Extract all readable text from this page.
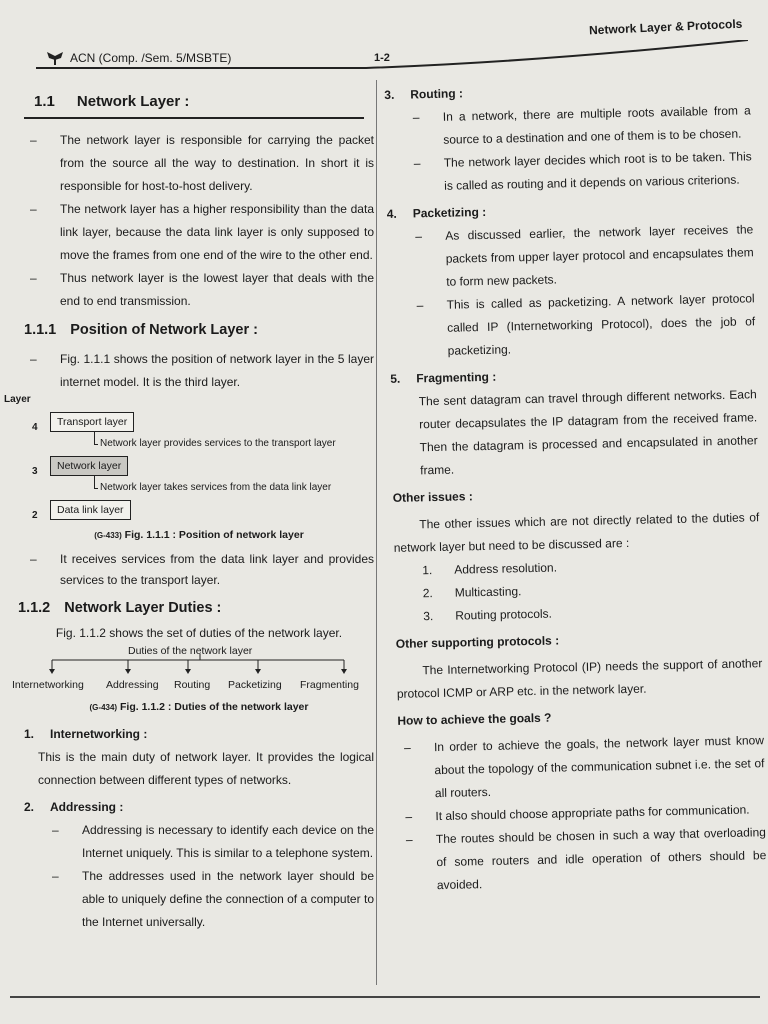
Network Layer & Protocols
ACN (Comp. /Sem. 5/MSBTE)	1-2
1.1 Network Layer :
–	The network layer is responsible for carrying the packet from the source all the way to destination. In short it is responsible for host-to-host delivery.
–	The network layer has a higher responsibility than the data link layer, because the data link layer is only supposed to move the frames from one end of the wire to the other end.
–	Thus network layer is the lowest layer that deals with the end to end transmission.
1.1.1 Position of Network Layer :
–	Fig. 1.1.1 shows the position of network layer in the 5 layer internet model. It is the third layer.
Layer
4	Transport layer
Network layer provides services to the transport layer
3	Network layer
Network layer takes services from the data link layer
2	Data link layer
(G-433) Fig. 1.1.1 : Position of network layer
–	It receives services from the data link layer and provides services to the transport layer.
1.1.2 Network Layer Duties :
Fig. 1.1.2 shows the set of duties of the network layer.
Duties of the network layer
Internetworking Addressing Routing Packetizing Fragmenting
(G-434) Fig. 1.1.2 : Duties of the network layer
1.	Internetworking :
This is the main duty of network layer. It provides the logical connection between different types of networks.
2.	Addressing :
–	Addressing is necessary to identify each device on the Internet uniquely. This is similar to a telephone system.
–	The addresses used in the network layer should be able to uniquely define the connection of a computer to the Internet universally.
3.	Routing :
–	In a network, there are multiple roots available from a source to a destination and one of them is to be chosen.
–	The network layer decides which root is to be taken. This is called as routing and it depends on various criterions.
4.	Packetizing :
–	As discussed earlier, the network layer receives the packets from upper layer protocol and encapsulates them to form new packets.
–	This is called as packetizing. A network layer protocol called IP (Internetworking Protocol), does the job of packetizing.
5.	Fragmenting :
The sent datagram can travel through different networks. Each router decapsulates the IP datagram from the received frame. Then the datagram is processed and encapsulated in another frame.
Other issues :
The other issues which are not directly related to the duties of network layer but need to be discussed are :
1.	Address resolution.
2.	Multicasting.
3.	Routing protocols.
Other supporting protocols :
The Internetworking Protocol (IP) needs the support of another protocol ICMP or ARP etc. in the network layer.
How to achieve the goals ?
–	In order to achieve the goals, the network layer must know about the topology of the communication subnet i.e. the set of all routers.
–	It also should choose appropriate paths for communication.
–	The routes should be chosen in such a way that overloading of some routers and idle operation of others should be avoided.
